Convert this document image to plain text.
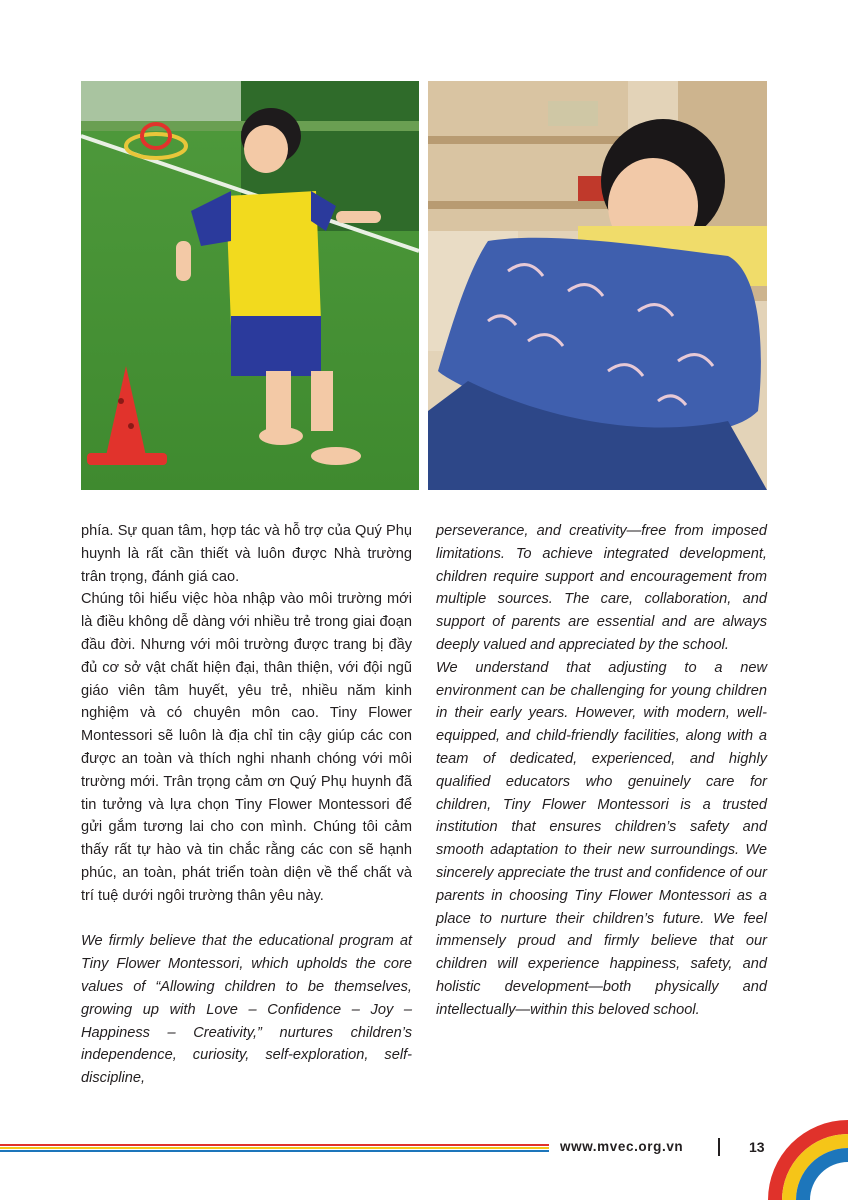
phía. Sự quan tâm, hợp tác và hỗ trợ của Quý Phụ huynh là rất cần thiết và luôn được Nhà trường trân trọng, đánh giá cao.

Chúng tôi hiểu việc hòa nhập vào môi trường mới là điều không dễ dàng với nhiều trẻ trong giai đoạn đầu đời. Nhưng với môi trường được trang bị đầy đủ cơ sở vật chất hiện đại, thân thiện, với đội ngũ giáo viên tâm huyết, yêu trẻ, nhiều năm kinh nghiệm và có chuyên môn cao. Tiny Flower Montessori sẽ luôn là địa chỉ tin cậy giúp các con được an toàn và thích nghi nhanh chóng với môi trường mới. Trân trọng cảm ơn Quý Phụ huynh đã tin tưởng và lựa chọn Tiny Flower Montessori để gửi gắm tương lai cho con mình. Chúng tôi cảm thấy rất tự hào và tin chắc rằng các con sẽ hạnh phúc, an toàn, phát triển toàn diện về thể chất và trí tuệ dưới ngôi trường thân yêu này.

We firmly believe that the educational program at Tiny Flower Montessori, which upholds the core values of “Allowing children to be themselves, growing up with Love – Confidence – Joy – Happiness – Creativity,” nurtures children’s independence, curiosity, self-exploration, self-discipline,

perseverance, and creativity—free from imposed limitations. To achieve integrated development, children require support and encouragement from multiple sources. The care, collaboration, and support of parents are essential and are always deeply valued and appreciated by the school.

We understand that adjusting to a new environment can be challenging for young children in their early years. However, with modern, well-equipped, and child-friendly facilities, along with a team of dedicated, experienced, and highly qualified educators who genuinely care for children, Tiny Flower Montessori is a trusted institution that ensures children’s safety and smooth adaptation to their new surroundings. We sincerely appreciate the trust and confidence of our parents in choosing Tiny Flower Montessori as a place to nurture their children’s future. We feel immensely proud and firmly believe that our children will experience happiness, safety, and holistic development—both physically and intellectually—within this beloved school.

www.mvec.org.vn	13
